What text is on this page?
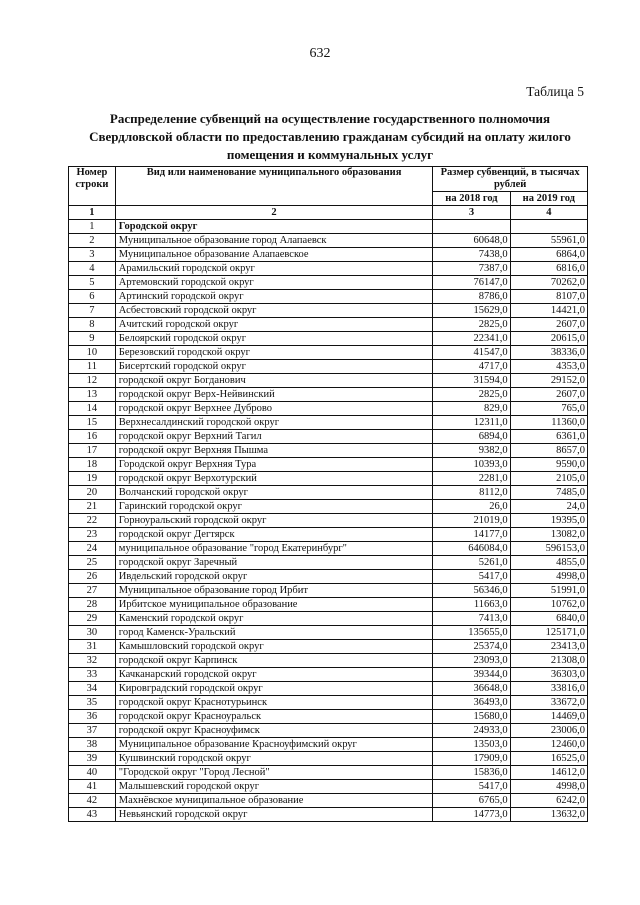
632
Таблица 5
Распределение субвенций на осуществление государственного полномочия
Свердловской области по предоставлению гражданам субсидий на оплату жилого
помещения и коммунальных услуг
Номер строки	Вид или наименование муниципального образования	Размер субвенций, в тысячах рублей	
		на 2018 год	на 2019 год
1	2	3	4
1	Городской округ		
2	Муниципальное образование город Алапаевск	60648,0	55961,0
3	Муниципальное образование Алапаевское	7438,0	6864,0
4	Арамильский городской округ	7387,0	6816,0
5	Артемовский городской округ	76147,0	70262,0
6	Артинский городской округ	8786,0	8107,0
7	Асбестовский городской округ	15629,0	14421,0
8	Ачитский городской округ	2825,0	2607,0
9	Белоярский городской округ	22341,0	20615,0
10	Березовский городской округ	41547,0	38336,0
11	Бисертский городской округ	4717,0	4353,0
12	городской округ Богданович	31594,0	29152,0
13	городской округ Верх-Нейвинский	2825,0	2607,0
14	городской округ Верхнее Дуброво	829,0	765,0
15	Верхнесалдинский городской округ	12311,0	11360,0
16	городской округ Верхний Тагил	6894,0	6361,0
17	городской округ Верхняя Пышма	9382,0	8657,0
18	Городской округ Верхняя Тура	10393,0	9590,0
19	городской округ Верхотурский	2281,0	2105,0
20	Волчанский городской округ	8112,0	7485,0
21	Гаринский городской округ	26,0	24,0
22	Горноуральский городской округ	21019,0	19395,0
23	городской округ Дегтярск	14177,0	13082,0
24	муниципальное образование "город Екатеринбург"	646084,0	596153,0
25	городской округ Заречный	5261,0	4855,0
26	Ивдельский городской округ	5417,0	4998,0
27	Муниципальное образование город Ирбит	56346,0	51991,0
28	Ирбитское муниципальное образование	11663,0	10762,0
29	Каменский городской округ	7413,0	6840,0
30	город Каменск-Уральский	135655,0	125171,0
31	Камышловский городской округ	25374,0	23413,0
32	городской округ Карпинск	23093,0	21308,0
33	Качканарский городской округ	39344,0	36303,0
34	Кировградский городской округ	36648,0	33816,0
35	городской округ Краснотурьинск	36493,0	33672,0
36	городской округ Красноуральск	15680,0	14469,0
37	городской округ Красноуфимск	24933,0	23006,0
38	Муниципальное образование Красноуфимский округ	13503,0	12460,0
39	Кушвинский городской округ	17909,0	16525,0
40	"Городской округ "Город Лесной"	15836,0	14612,0
41	Малышевский городской округ	5417,0	4998,0
42	Махнёвское муниципальное образование	6765,0	6242,0
43	Невьянский городской округ	14773,0	13632,0
